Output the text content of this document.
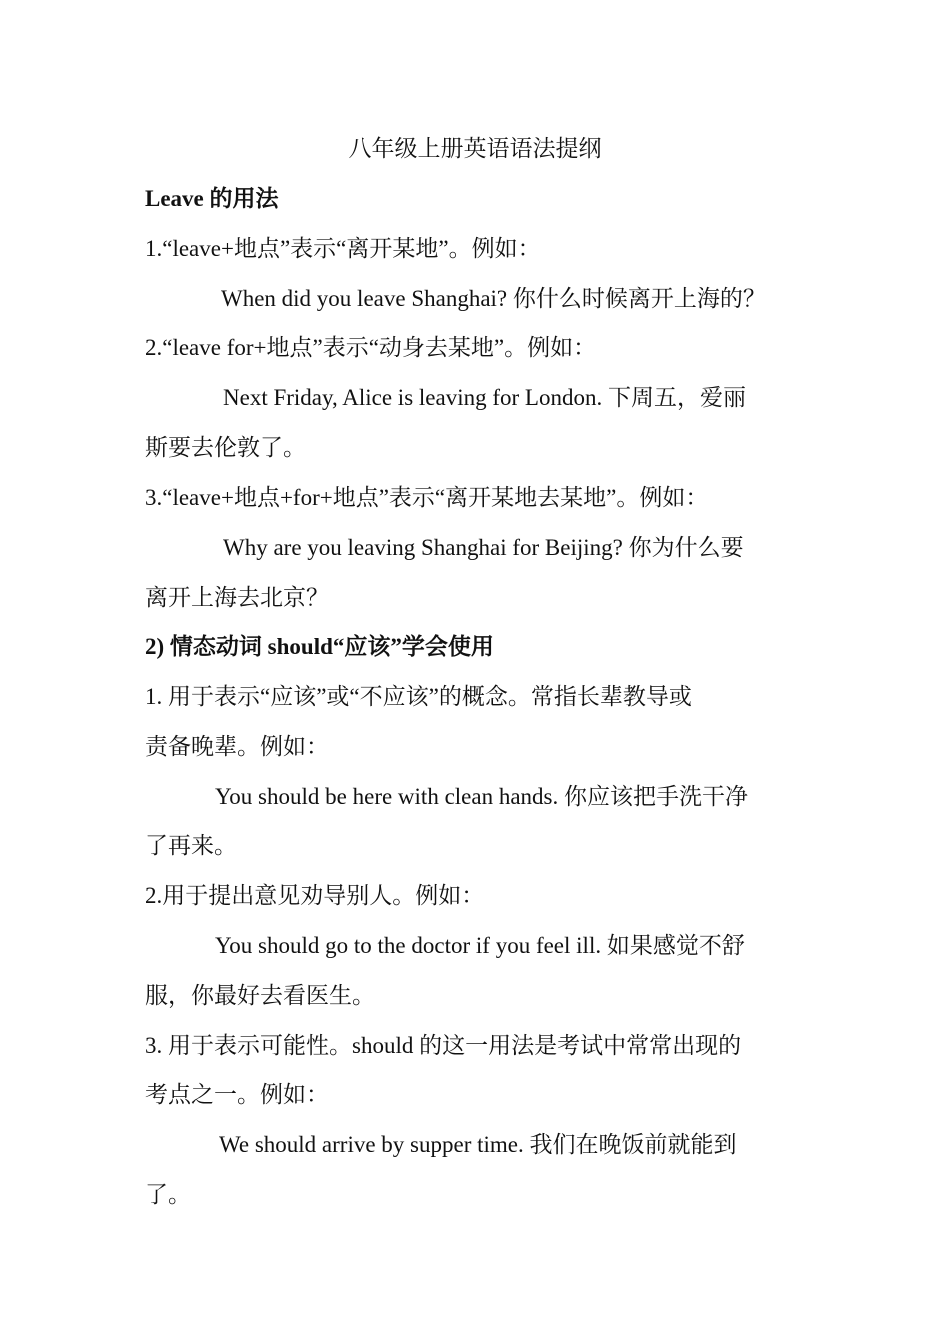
八年级上册英语语法提纲
Leave 的用法
1.“leave+地点”表示“离开某地”。例如：
When did you leave Shanghai? 你什么时候离开上海的？
2.“leave for+地点”表示“动身去某地”。例如：
Next Friday, Alice is leaving for London. 下周五，爱丽
斯要去伦敦了。
3.“leave+地点+for+地点”表示“离开某地去某地”。例如：
Why are you leaving Shanghai for Beijing? 你为什么要
离开上海去北京？
2) 情态动词 should“应该”学会使用
1. 用于表示“应该”或“不应该”的概念。常指长辈教导或
责备晚辈。例如：
You should be here with clean hands. 你应该把手洗干净
了再来。
2.用于提出意见劝导别人。例如：
You should go to the doctor if you feel ill. 如果感觉不舒
服，你最好去看医生。
3. 用于表示可能性。should 的这一用法是考试中常常出现的
考点之一。例如：
We should arrive by supper time. 我们在晚饭前就能到
了。
